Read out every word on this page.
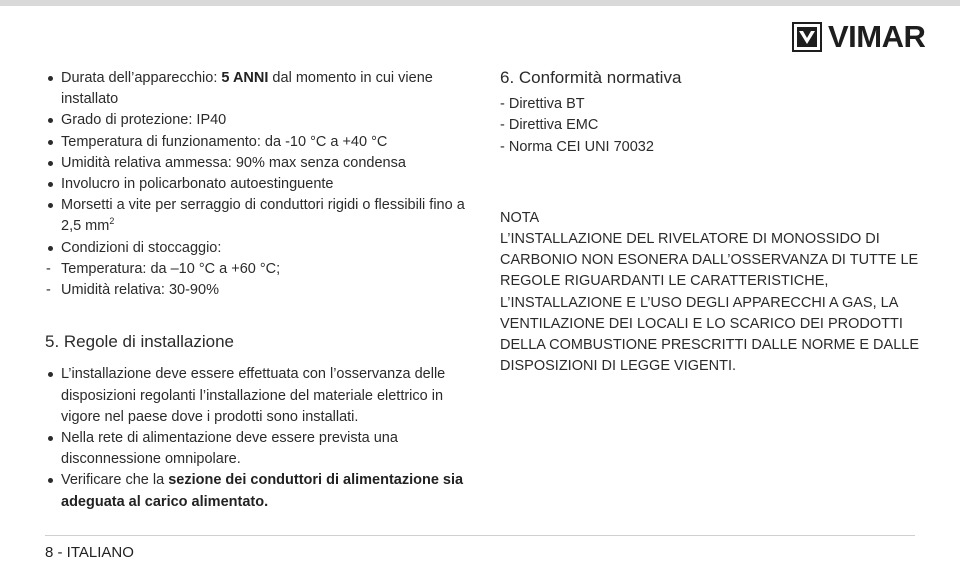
VIMAR
Durata dell’apparecchio: 5 ANNI dal momento in cui viene installato
Grado di protezione: IP40
Temperatura di funzionamento: da -10 °C a +40 °C
Umidità relativa ammessa: 90% max senza condensa
Involucro in policarbonato autoestinguente
Morsetti a vite per serraggio di conduttori rigidi o flessibili fino a 2,5 $mm^2$
Condizioni di stoccaggio:
- Temperatura: da –10 °C a +60 °C;
- Umidità relativa: 30-90%
5. Regole di installazione
L’installazione deve essere effettuata con l’osservanza delle disposizioni regolanti l’installazione del materiale elettrico in vigore nel paese dove i prodotti sono installati.
Nella rete di alimentazione deve essere prevista una disconnessione omnipolare.
Verificare che la sezione dei conduttori di alimentazione sia adeguata al carico alimentato.
6. Conformità normativa
- Direttiva BT
- Direttiva EMC
- Norma CEI UNI 70032
NOTA
L’INSTALLAZIONE DEL RIVELATORE DI MONOSSIDO DI CARBONIO NON ESONERA DALL’OSSERVANZA DI TUTTE LE REGOLE RIGUARDANTI LE CARATTERISTICHE, L’INSTALLAZIONE E L’USO DEGLI APPARECCHI A GAS, LA VENTILAZIONE DEI LOCALI E LO SCARICO DEI PRODOTTI DELLA COMBUSTIONE PRESCRITTI DALLE NORME E DALLE DISPOSIZIONI DI LEGGE VIGENTI.
8 - ITALIANO
